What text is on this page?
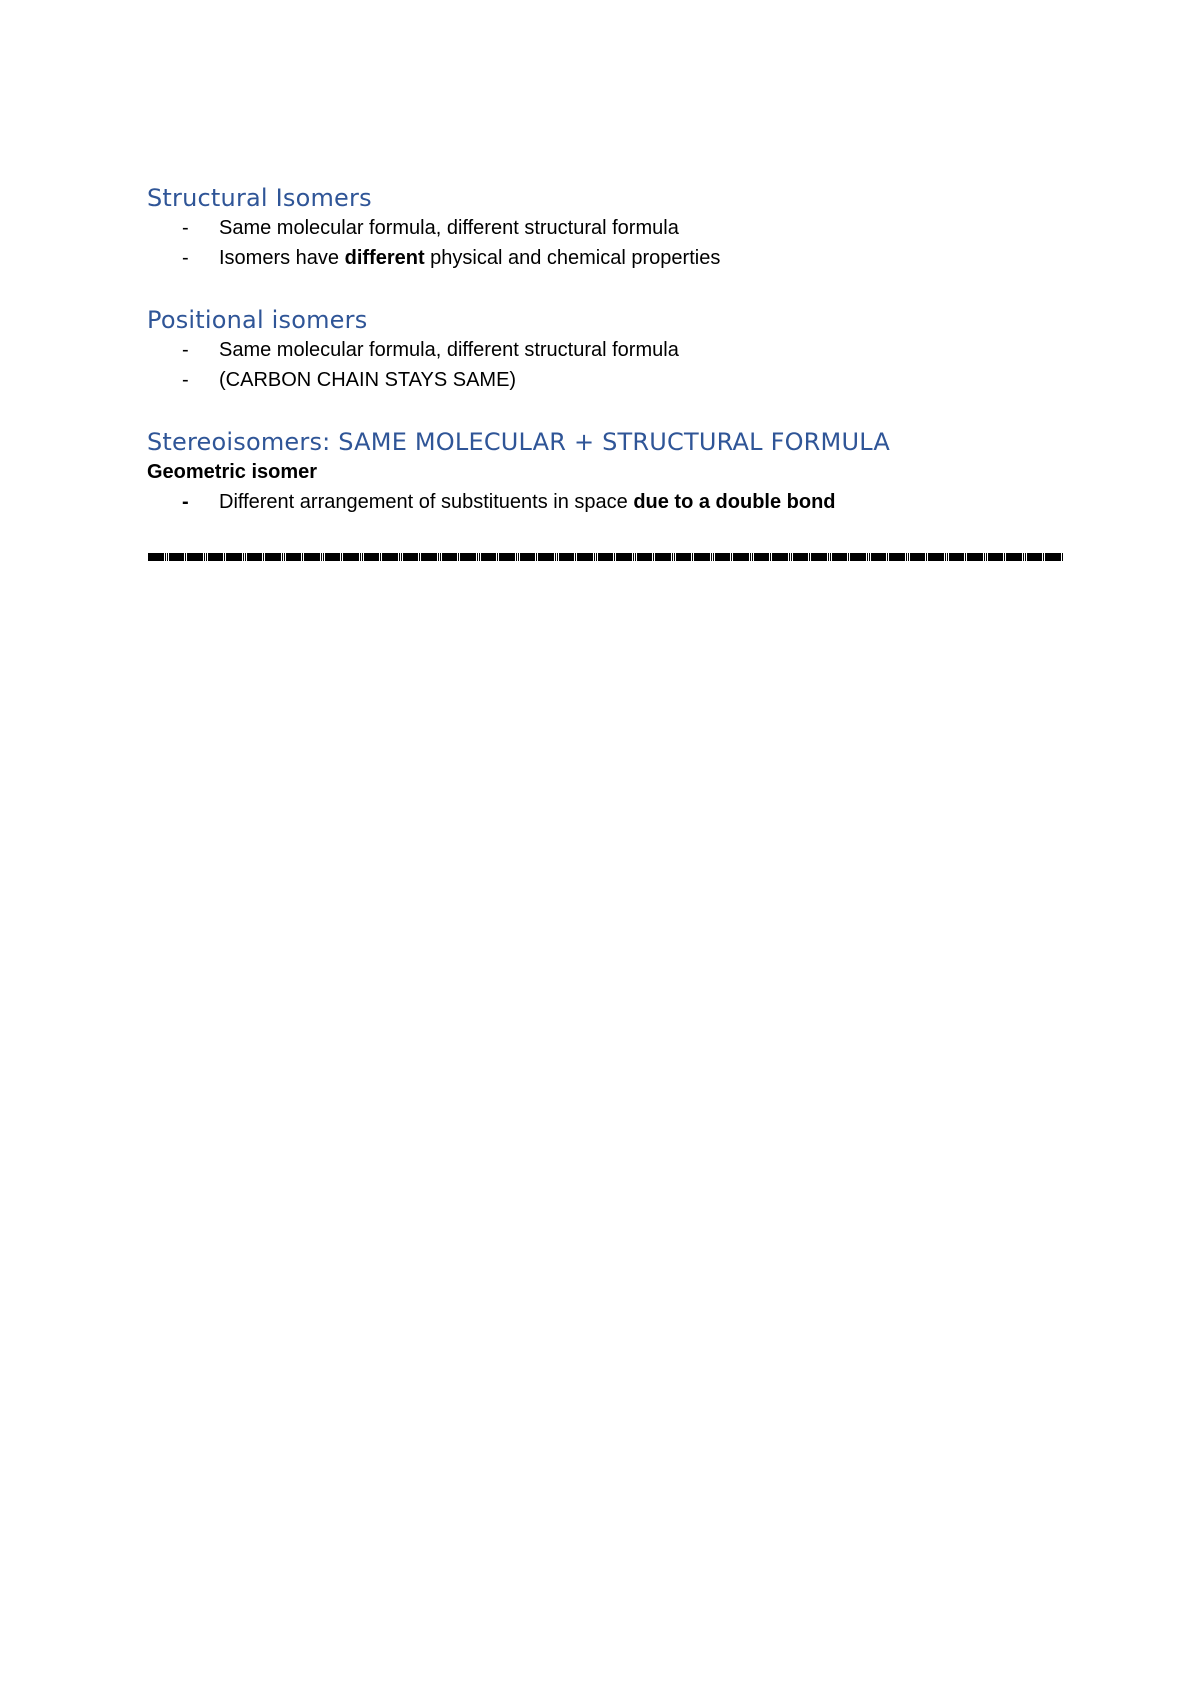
Structural Isomers
- Same molecular formula, different structural formula
- Isomers have different physical and chemical properties
Positional isomers
- Same molecular formula, different structural formula
- (CARBON CHAIN STAYS SAME)
Stereoisomers: SAME MOLECULAR + STRUCTURAL FORMULA

Geometric isomer

- Different arrangement of substituents in space due to a double bond
